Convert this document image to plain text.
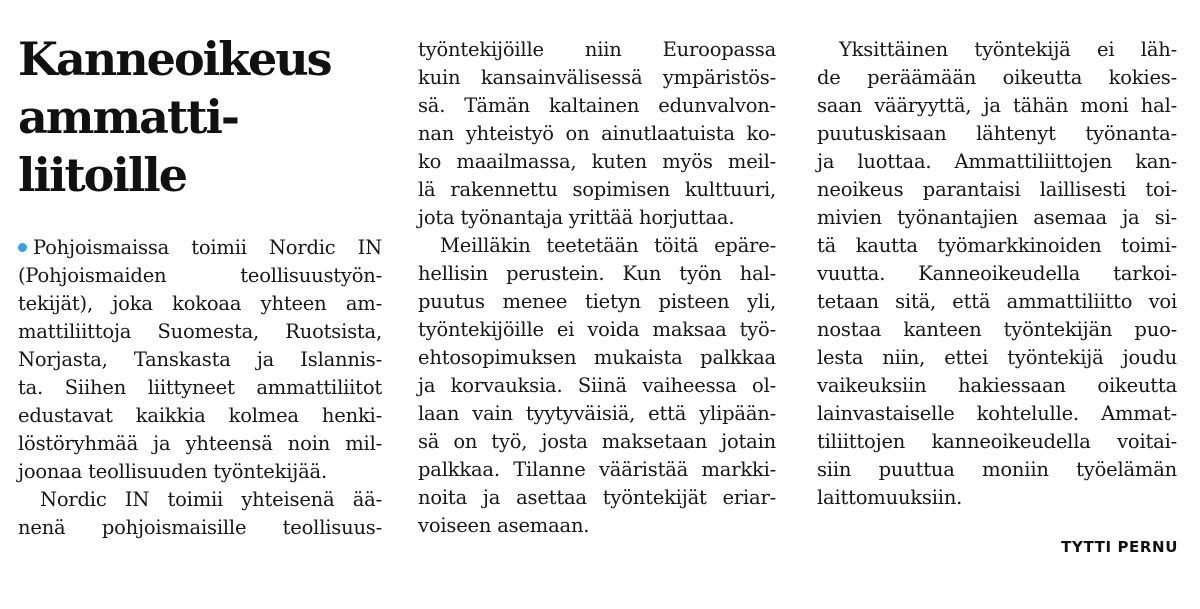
Kanneoikeus
ammatti-
liitoille

Pohjoismaissa toimii Nordic IN
(Pohjoismaiden teollisuustyön-
tekijät), joka kokoaa yhteen am-
mattiliittoja Suomesta, Ruotsista,
Norjasta, Tanskasta ja Islannis-
ta. Siihen liittyneet ammattiliitot
edustavat kaikkia kolmea henki-
löstöryhmää ja yhteensä noin mil-
joonaa teollisuuden työntekijää.

Nordic IN toimii yhteisenä ää-
nenä pohjoismaisille teollisuus-

työntekijöille niin Euroopassa
kuin kansainvälisessä ympäristös-
sä. Tämän kaltainen edunvalvon-
nan yhteistyö on ainutlaatuista ko-
ko maailmassa, kuten myös meil-
lä rakennettu sopimisen kulttuuri,
jota työnantaja yrittää horjuttaa.

Meilläkin teetetään töitä epäre-
hellisin perustein. Kun työn hal-
puutus menee tietyn pisteen yli,
työntekijöille ei voida maksaa työ-
ehtosopimuksen mukaista palkkaa
ja korvauksia. Siinä vaiheessa ol-
laan vain tyytyväisiä, että ylipään-
sä on työ, josta maksetaan jotain
palkkaa. Tilanne vääristää markki-
noita ja asettaa työntekijät eriar-
voiseen asemaan.

Yksittäinen työntekijä ei läh-
de peräämään oikeutta kokies-
saan vääryyttä, ja tähän moni hal-
puutuskisaan lähtenyt työnanta-
ja luottaa. Ammattiliittojen kan-
neoikeus parantaisi laillisesti toi-
mivien työnantajien asemaa ja si-
tä kautta työmarkkinoiden toimi-
vuutta. Kanneoikeudella tarkoi-
tetaan sitä, että ammattiliitto voi
nostaa kanteen työntekijän puo-
lesta niin, ettei työntekijä joudu
vaikeuksiin hakiessaan oikeutta
lainvastaiselle kohtelulle. Ammat-
tiliittojen kanneoikeudella voitai-
siin puuttua moniin työelämän
laittomuuksiin.

TYTTI PERNU
